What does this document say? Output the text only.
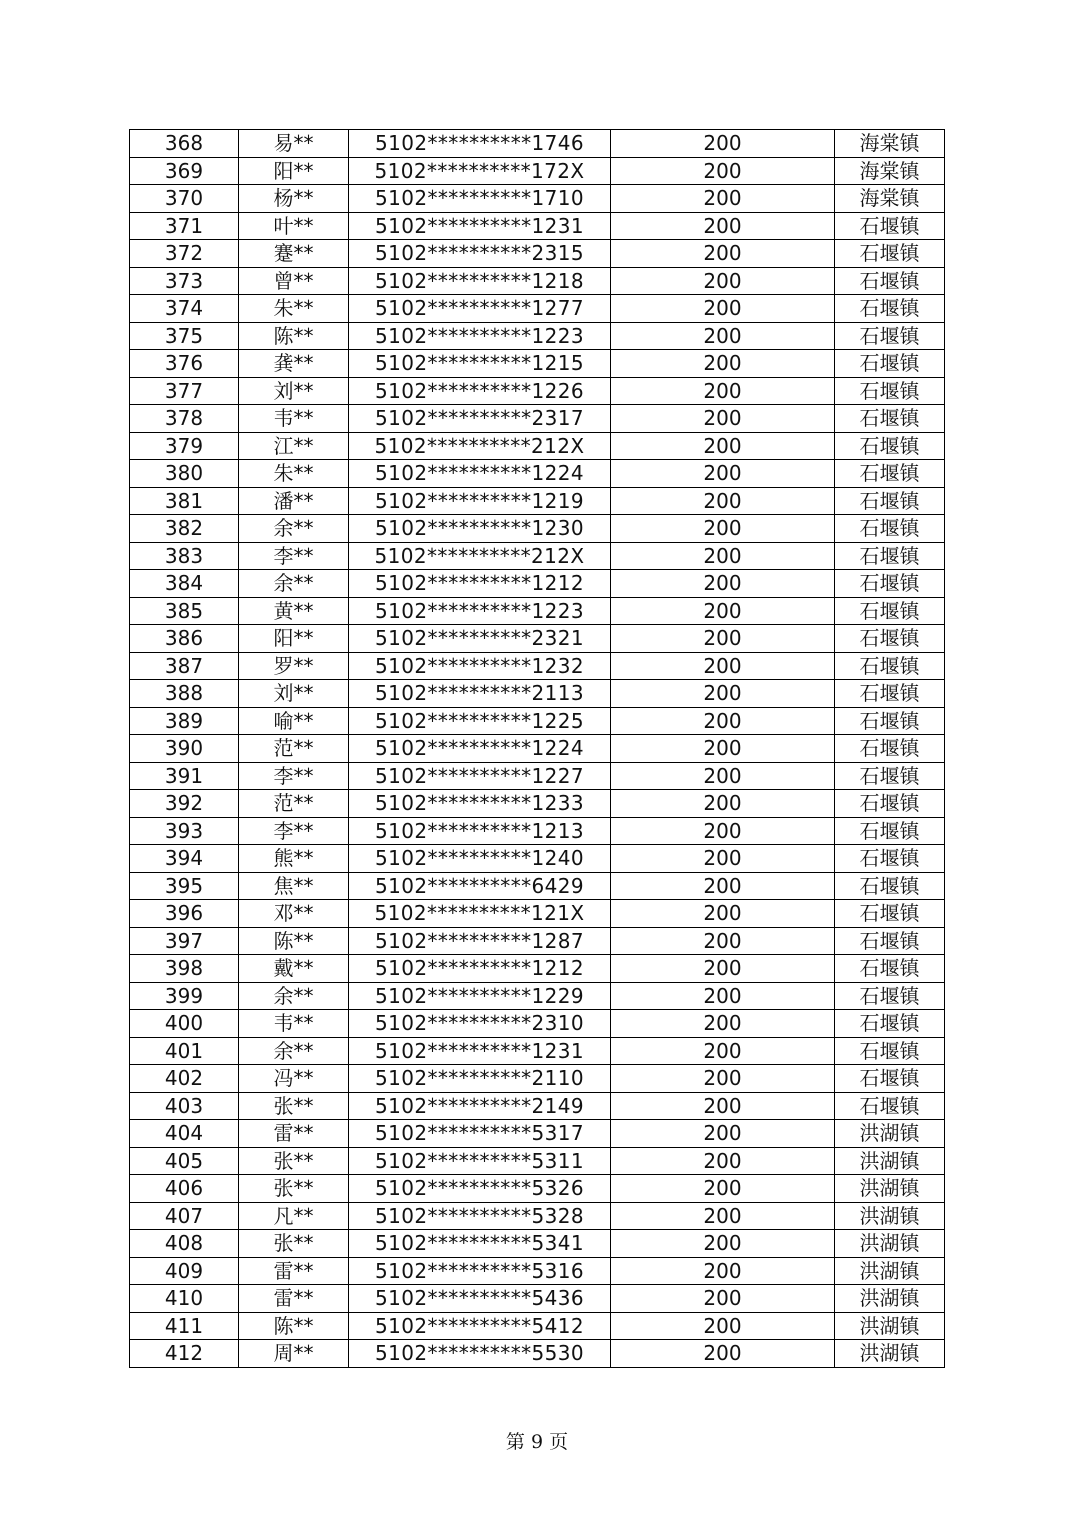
368	易**	5102**********1746	200	海棠镇
369	阳**	5102**********172X	200	海棠镇
370	杨**	5102**********1710	200	海棠镇
371	叶**	5102**********1231	200	石堰镇
372	蹇**	5102**********2315	200	石堰镇
373	曾**	5102**********1218	200	石堰镇
374	朱**	5102**********1277	200	石堰镇
375	陈**	5102**********1223	200	石堰镇
376	龚**	5102**********1215	200	石堰镇
377	刘**	5102**********1226	200	石堰镇
378	韦**	5102**********2317	200	石堰镇
379	江**	5102**********212X	200	石堰镇
380	朱**	5102**********1224	200	石堰镇
381	潘**	5102**********1219	200	石堰镇
382	余**	5102**********1230	200	石堰镇
383	李**	5102**********212X	200	石堰镇
384	余**	5102**********1212	200	石堰镇
385	黄**	5102**********1223	200	石堰镇
386	阳**	5102**********2321	200	石堰镇
387	罗**	5102**********1232	200	石堰镇
388	刘**	5102**********2113	200	石堰镇
389	喻**	5102**********1225	200	石堰镇
390	范**	5102**********1224	200	石堰镇
391	李**	5102**********1227	200	石堰镇
392	范**	5102**********1233	200	石堰镇
393	李**	5102**********1213	200	石堰镇
394	熊**	5102**********1240	200	石堰镇
395	焦**	5102**********6429	200	石堰镇
396	邓**	5102**********121X	200	石堰镇
397	陈**	5102**********1287	200	石堰镇
398	戴**	5102**********1212	200	石堰镇
399	余**	5102**********1229	200	石堰镇
400	韦**	5102**********2310	200	石堰镇
401	余**	5102**********1231	200	石堰镇
402	冯**	5102**********2110	200	石堰镇
403	张**	5102**********2149	200	石堰镇
404	雷**	5102**********5317	200	洪湖镇
405	张**	5102**********5311	200	洪湖镇
406	张**	5102**********5326	200	洪湖镇
407	凡**	5102**********5328	200	洪湖镇
408	张**	5102**********5341	200	洪湖镇
409	雷**	5102**********5316	200	洪湖镇
410	雷**	5102**********5436	200	洪湖镇
411	陈**	5102**********5412	200	洪湖镇
412	周**	5102**********5530	200	洪湖镇
第 9 页
